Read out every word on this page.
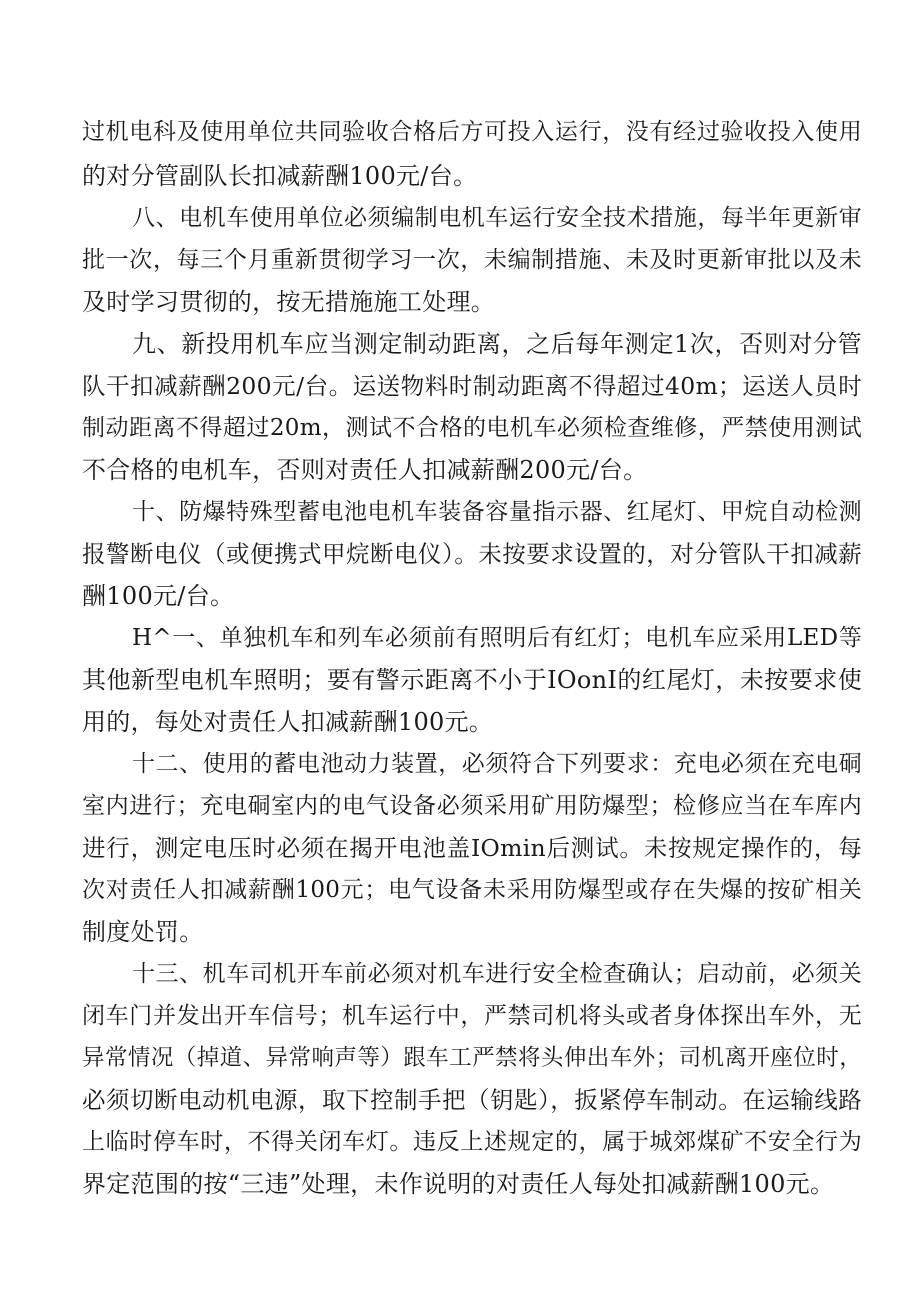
过机电科及使用单位共同验收合格后方可投入运行，没有经过验收投入使用
的对分管副队长扣减薪酬100元/台。
八、电机车使用单位必须编制电机车运行安全技术措施，每半年更新审
批一次，每三个月重新贯彻学习一次，未编制措施、未及时更新审批以及未
及时学习贯彻的，按无措施施工处理。
九、新投用机车应当测定制动距离，之后每年测定1次，否则对分管
队干扣减薪酬200元/台。运送物料时制动距离不得超过40m；运送人员时
制动距离不得超过20m，测试不合格的电机车必须检查维修，严禁使用测试
不合格的电机车，否则对责任人扣减薪酬200元/台。
十、防爆特殊型蓄电池电机车装备容量指示器、红尾灯、甲烷自动检测
报警断电仪（或便携式甲烷断电仪）。未按要求设置的，对分管队干扣减薪
酬100元/台。
H^一、单独机车和列车必须前有照明后有红灯；电机车应采用LED等
其他新型电机车照明；要有警示距离不小于IOonI的红尾灯，未按要求使
用的，每处对责任人扣减薪酬100元。
十二、使用的蓄电池动力装置，必须符合下列要求：充电必须在充电硐
室内进行；充电硐室内的电气设备必须采用矿用防爆型；检修应当在车库内
进行，测定电压时必须在揭开电池盖IOmin后测试。未按规定操作的，每
次对责任人扣减薪酬100元；电气设备未采用防爆型或存在失爆的按矿相关
制度处罚。
十三、机车司机开车前必须对机车进行安全检查确认；启动前，必须关
闭车门并发出开车信号；机车运行中，严禁司机将头或者身体探出车外，无
异常情况（掉道、异常响声等）跟车工严禁将头伸出车外；司机离开座位时，
必须切断电动机电源，取下控制手把（钥匙），扳紧停车制动。在运输线路
上临时停车时，不得关闭车灯。违反上述规定的，属于城郊煤矿不安全行为
界定范围的按“三违”处理，未作说明的对责任人每处扣减薪酬100元。
